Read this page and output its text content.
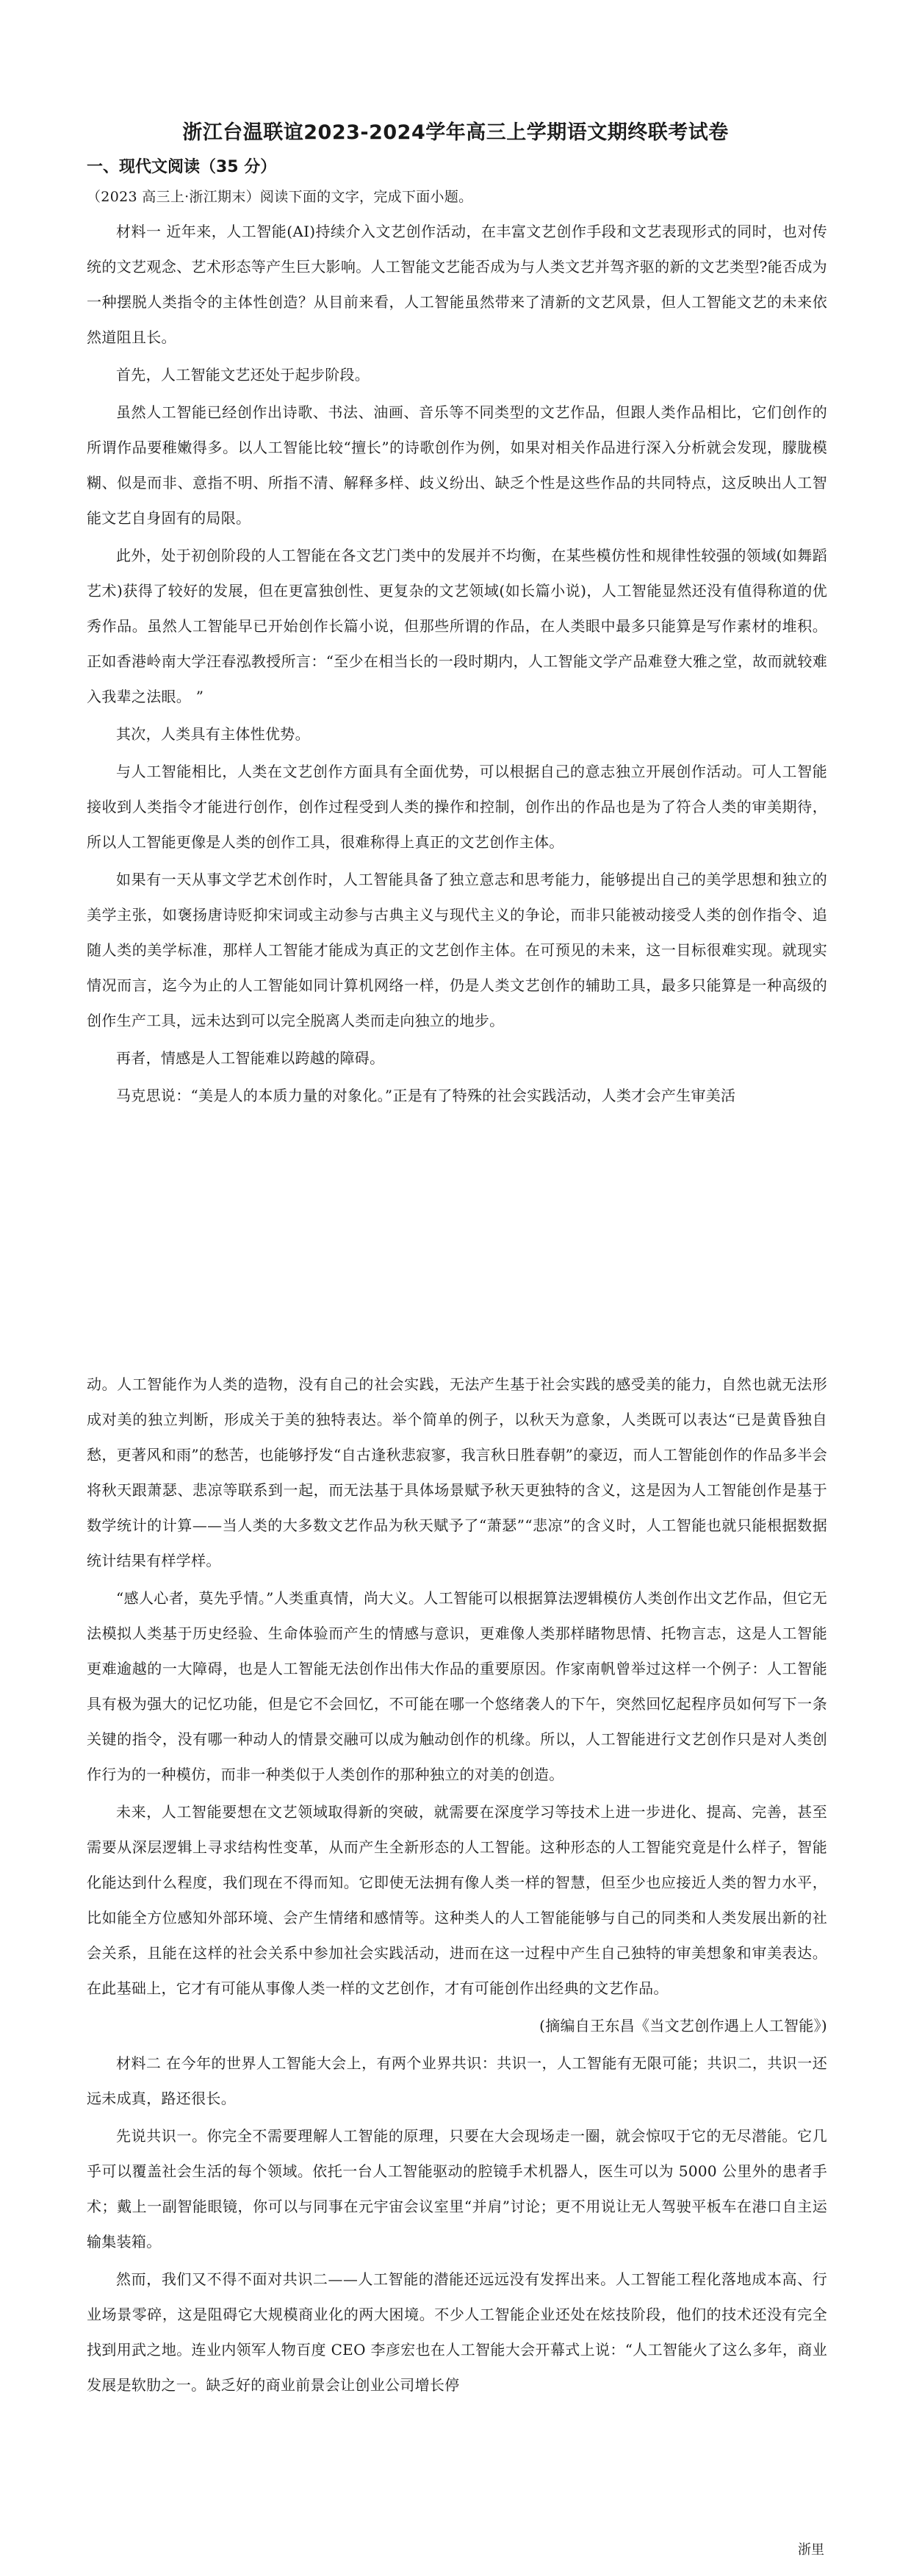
浙江台温联谊2023-2024学年高三上学期语文期终联考试卷
一、现代文阅读（35 分）

（2023 高三上·浙江期末）阅读下面的文字，完成下面小题。

材料一 近年来，人工智能(AI)持续介入文艺创作活动，在丰富文艺创作手段和文艺表现形式的同时，也对传统的文艺观念、艺术形态等产生巨大影响。人工智能文艺能否成为与人类文艺并驾齐驱的新的文艺类型?能否成为一种摆脱人类指令的主体性创造？从目前来看，人工智能虽然带来了清新的文艺风景，但人工智能文艺的未来依然道阻且长。

首先，人工智能文艺还处于起步阶段。

虽然人工智能已经创作出诗歌、书法、油画、音乐等不同类型的文艺作品，但跟人类作品相比，它们创作的所谓作品要稚嫩得多。以人工智能比较“擅长”的诗歌创作为例，如果对相关作品进行深入分析就会发现，朦胧模糊、似是而非、意指不明、所指不清、解释多样、歧义纷出、缺乏个性是这些作品的共同特点，这反映出人工智能文艺自身固有的局限。

此外，处于初创阶段的人工智能在各文艺门类中的发展并不均衡，在某些模仿性和规律性较强的领域(如舞蹈艺术)获得了较好的发展，但在更富独创性、更复杂的文艺领域(如长篇小说)，人工智能显然还没有值得称道的优秀作品。虽然人工智能早已开始创作长篇小说，但那些所谓的作品，在人类眼中最多只能算是写作素材的堆积。正如香港岭南大学汪春泓教授所言：“至少在相当长的一段时期内，人工智能文学产品难登大雅之堂，故而就较难入我辈之法眼。 ”

其次，人类具有主体性优势。

与人工智能相比，人类在文艺创作方面具有全面优势，可以根据自己的意志独立开展创作活动。可人工智能接收到人类指令才能进行创作，创作过程受到人类的操作和控制，创作出的作品也是为了符合人类的审美期待，所以人工智能更像是人类的创作工具，很难称得上真正的文艺创作主体。

如果有一天从事文学艺术创作时，人工智能具备了独立意志和思考能力，能够提出自己的美学思想和独立的美学主张，如褒扬唐诗贬抑宋词或主动参与古典主义与现代主义的争论，而非只能被动接受人类的创作指令、追随人类的美学标准，那样人工智能才能成为真正的文艺创作主体。在可预见的未来，这一目标很难实现。就现实情况而言，迄今为止的人工智能如同计算机网络一样，仍是人类文艺创作的辅助工具，最多只能算是一种高级的创作生产工具，远未达到可以完全脱离人类而走向独立的地步。

再者，情感是人工智能难以跨越的障碍。

马克思说：“美是人的本质力量的对象化。”正是有了特殊的社会实践活动，人类才会产生审美活

动。人工智能作为人类的造物，没有自己的社会实践，无法产生基于社会实践的感受美的能力，自然也就无法形成对美的独立判断，形成关于美的独特表达。举个简单的例子，以秋天为意象，人类既可以表达“已是黄昏独自愁，更著风和雨”的愁苦，也能够抒发“自古逢秋悲寂寥，我言秋日胜春朝”的豪迈，而人工智能创作的作品多半会将秋天跟萧瑟、悲凉等联系到一起，而无法基于具体场景赋予秋天更独特的含义，这是因为人工智能创作是基于数学统计的计算——当人类的大多数文艺作品为秋天赋予了“萧瑟”“悲凉”的含义时，人工智能也就只能根据数据统计结果有样学样。

“感人心者，莫先乎情。”人类重真情，尚大义。人工智能可以根据算法逻辑模仿人类创作出文艺作品，但它无法模拟人类基于历史经验、生命体验而产生的情感与意识，更难像人类那样睹物思情、托物言志，这是人工智能更难逾越的一大障碍，也是人工智能无法创作出伟大作品的重要原因。作家南帆曾举过这样一个例子：人工智能具有极为强大的记忆功能，但是它不会回忆，不可能在哪一个悠绪袭人的下午，突然回忆起程序员如何写下一条关键的指令，没有哪一种动人的情景交融可以成为触动创作的机缘。所以，人工智能进行文艺创作只是对人类创作行为的一种模仿，而非一种类似于人类创作的那种独立的对美的创造。

未来，人工智能要想在文艺领域取得新的突破，就需要在深度学习等技术上进一步进化、提高、完善，甚至需要从深层逻辑上寻求结构性变革，从而产生全新形态的人工智能。这种形态的人工智能究竟是什么样子，智能化能达到什么程度，我们现在不得而知。它即使无法拥有像人类一样的智慧，但至少也应接近人类的智力水平，比如能全方位感知外部环境、会产生情绪和感情等。这种类人的人工智能能够与自己的同类和人类发展出新的社会关系，且能在这样的社会关系中参加社会实践活动，进而在这一过程中产生自己独特的审美想象和审美表达。在此基础上，它才有可能从事像人类一样的文艺创作，才有可能创作出经典的文艺作品。

(摘编自王东昌《当文艺创作遇上人工智能》)

材料二 在今年的世界人工智能大会上，有两个业界共识：共识一，人工智能有无限可能；共识二，共识一还远未成真，路还很长。

先说共识一。你完全不需要理解人工智能的原理，只要在大会现场走一圈，就会惊叹于它的无尽潜能。它几乎可以覆盖社会生活的每个领域。依托一台人工智能驱动的腔镜手术机器人，医生可以为 5000 公里外的患者手术；戴上一副智能眼镜，你可以与同事在元宇宙会议室里“并肩”讨论；更不用说让无人驾驶平板车在港口自主运输集装箱。

然而，我们又不得不面对共识二——人工智能的潜能还远远没有发挥出来。人工智能工程化落地成本高、行业场景零碎，这是阻碍它大规模商业化的两大困境。不少人工智能企业还处在炫技阶段，他们的技术还没有完全找到用武之地。连业内领军人物百度 CEO 李彦宏也在人工智能大会开幕式上说：“人工智能火了这么多年，商业发展是软肋之一。缺乏好的商业前景会让创业公司增长停

浙里
